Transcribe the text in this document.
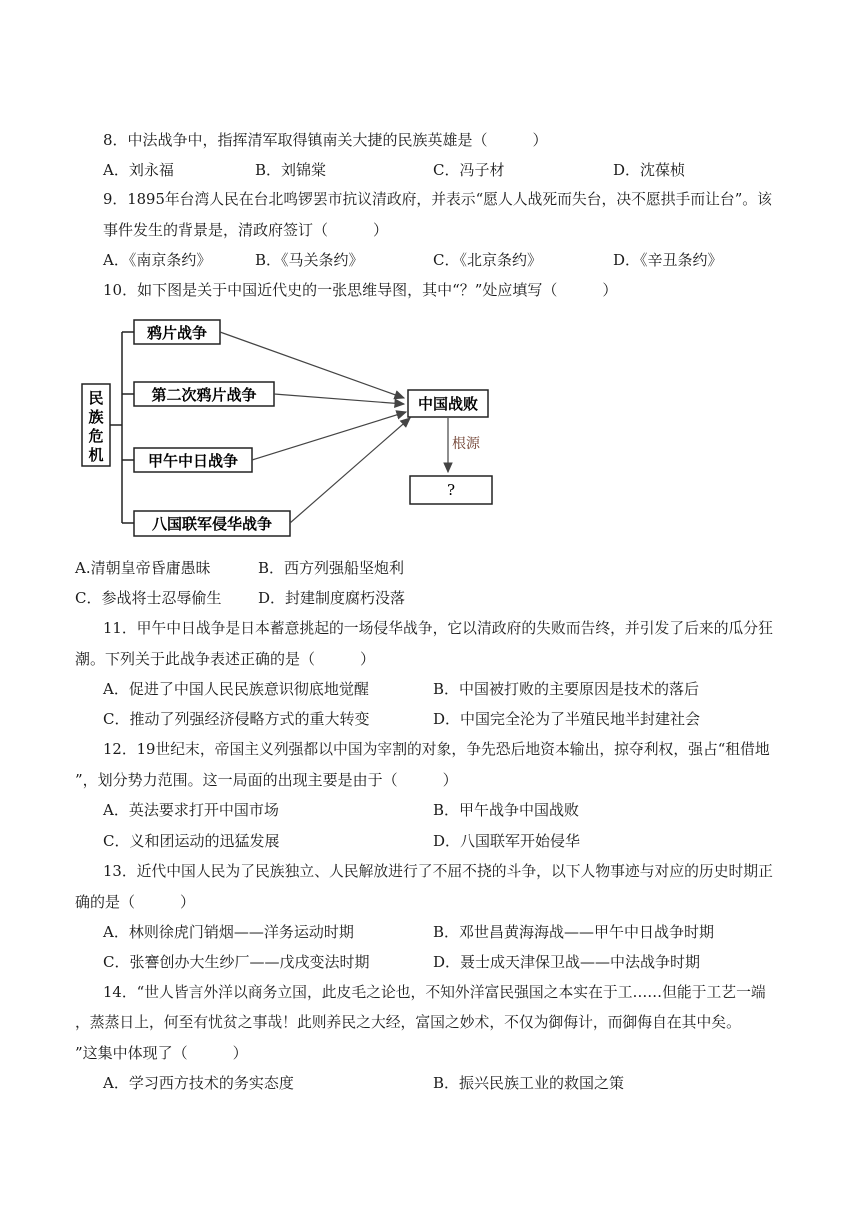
8．中法战争中，指挥清军取得镇南关大捷的民族英雄是（　　　）
A．刘永福	B．刘锦棠	C．冯子材	D．沈葆桢
9．1895年台湾人民在台北鸣锣罢市抗议清政府，并表示“愿人人战死而失台，决不愿拱手而让台”。该
事件发生的背景是，清政府签订（　　　）
A．《南京条约》	B．《马关条约》	C．《北京条约》	D．《辛丑条约》
10．如下图是关于中国近代史的一张思维导图，其中“？”处应填写（　　　）
民
族
危
机
鸦片战争
第二次鸦片战争
甲午中日战争
八国联军侵华战争
中国战败
根源
?
A.清朝皇帝昏庸愚昧	B．西方列强船坚炮利
C．参战将士忍辱偷生 D．封建制度腐朽没落
11．甲午中日战争是日本蓄意挑起的一场侵华战争，它以清政府的失败而告终，并引发了后来的瓜分狂
潮。下列关于此战争表述正确的是（　　　）
A．促进了中国人民民族意识彻底地觉醒	B．中国被打败的主要原因是技术的落后
C．推动了列强经济侵略方式的重大转变	D．中国完全沦为了半殖民地半封建社会
12．19世纪末，帝国主义列强都以中国为宰割的对象，争先恐后地资本输出，掠夺利权，强占“租借地
”，划分势力范围。这一局面的出现主要是由于（　　　）
A．英法要求打开中国市场	B．甲午战争中国战败
C．义和团运动的迅猛发展	D．八国联军开始侵华
13．近代中国人民为了民族独立、人民解放进行了不屈不挠的斗争，以下人物事迹与对应的历史时期正
确的是（　　　）
A．林则徐虎门销烟——洋务运动时期	B．邓世昌黄海海战——甲午中日战争时期
C．张謇创办大生纱厂——戊戌变法时期	D．聂士成天津保卫战——中法战争时期
14．“世人皆言外洋以商务立国，此皮毛之论也，不知外洋富民强国之本实在于工……但能于工艺一端
，蒸蒸日上，何至有忧贫之事哉！此则养民之大经，富国之妙术，不仅为御侮计，而御侮自在其中矣。
”这集中体现了（　　　）
A．学习西方技术的务实态度	B．振兴民族工业的救国之策
